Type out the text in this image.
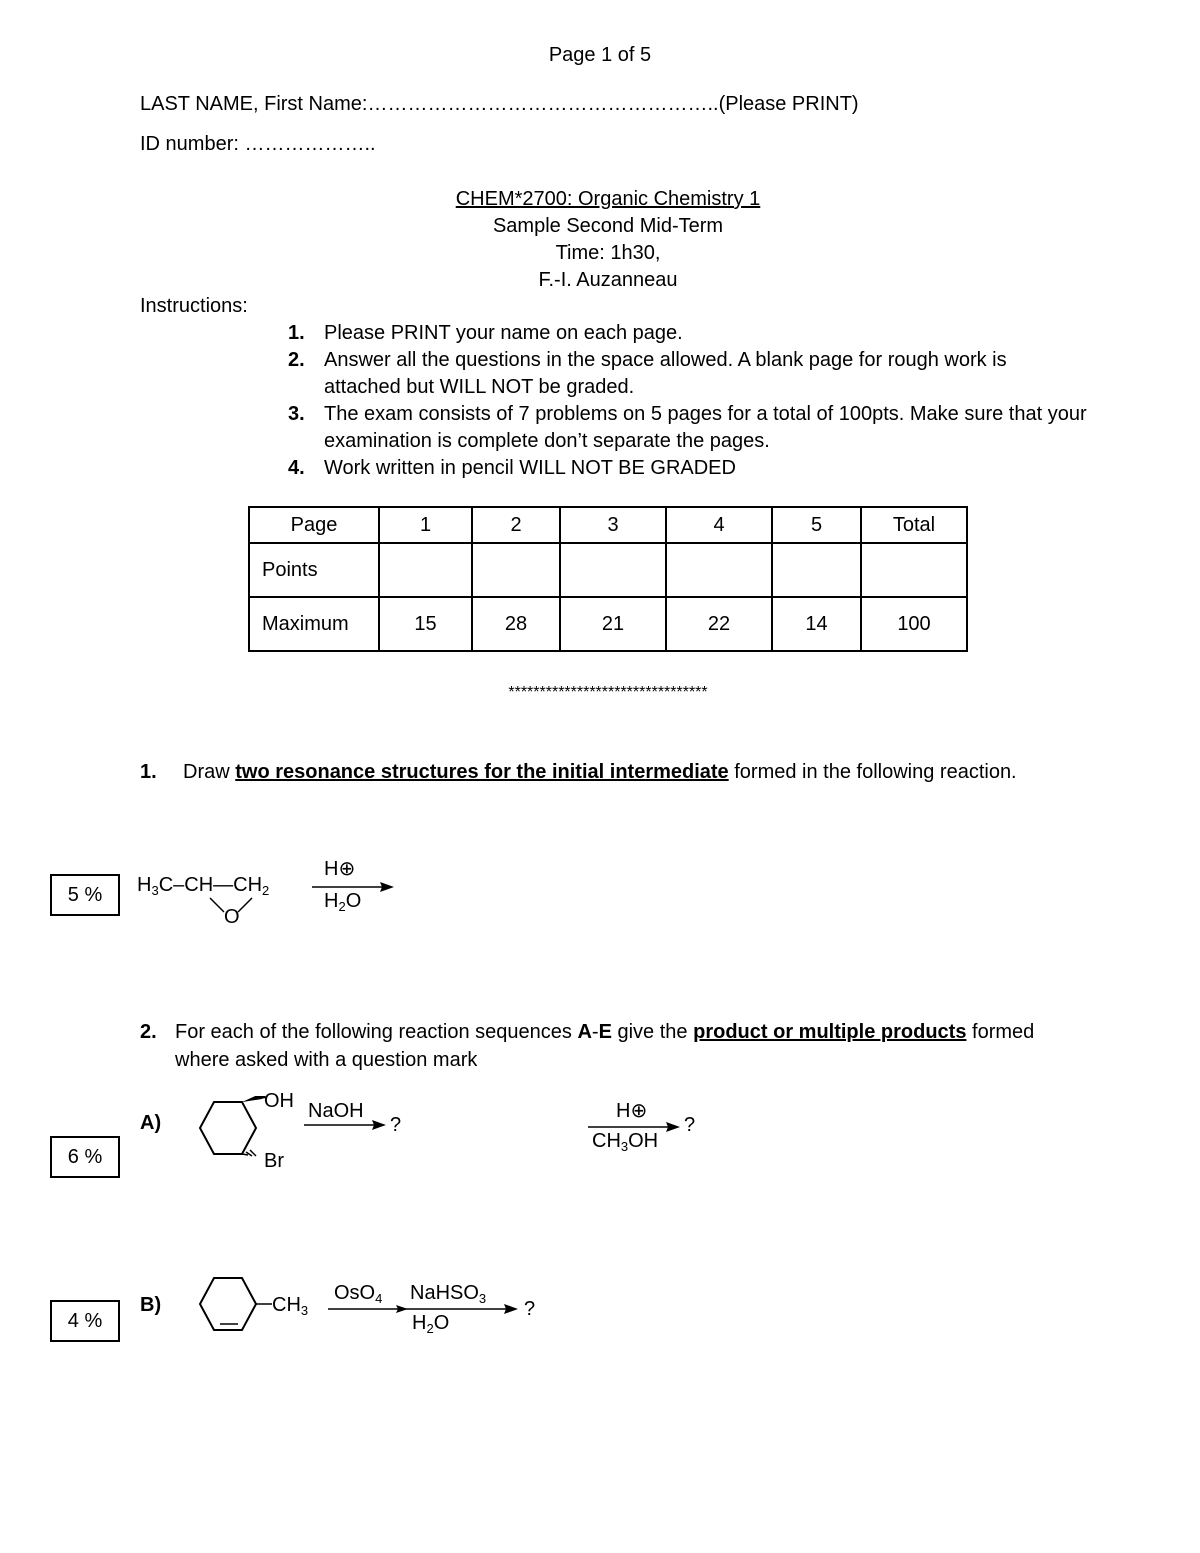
Page 1 of 5
LAST NAME, First Name:……………………………………………..(Please PRINT)
ID number: ………………..
CHEM*2700: Organic Chemistry 1
Sample Second Mid-Term
Time: 1h30,
F.-I. Auzanneau
Instructions:
1. Please PRINT your name on each page.
2. Answer all the questions in the space allowed. A blank page for rough work is attached but WILL NOT be graded.
3. The exam consists of 7 problems on 5 pages for a total of 100pts. Make sure that your examination is complete don’t separate the pages.
4. Work written in pencil WILL NOT BE GRADED
Page	1	2	3	4	5	Total
Points						
Maximum	15	28	21	22	14	100
********************************
1.	Draw two resonance structures for the initial intermediate formed in the following reaction.
5 %	$H_3C-CH—CH_2$
O
H⊕
$H_2O$
2. For each of the following reaction sequences A-E give the product or multiple products formed where asked with a question mark
A)
6 %
OH
Br
NaOH
?
H⊕
$CH_3OH$
?
B)
4 %
$CH_3$
OsO$_4$ NaHSO$_3$
$H_2O$
?
